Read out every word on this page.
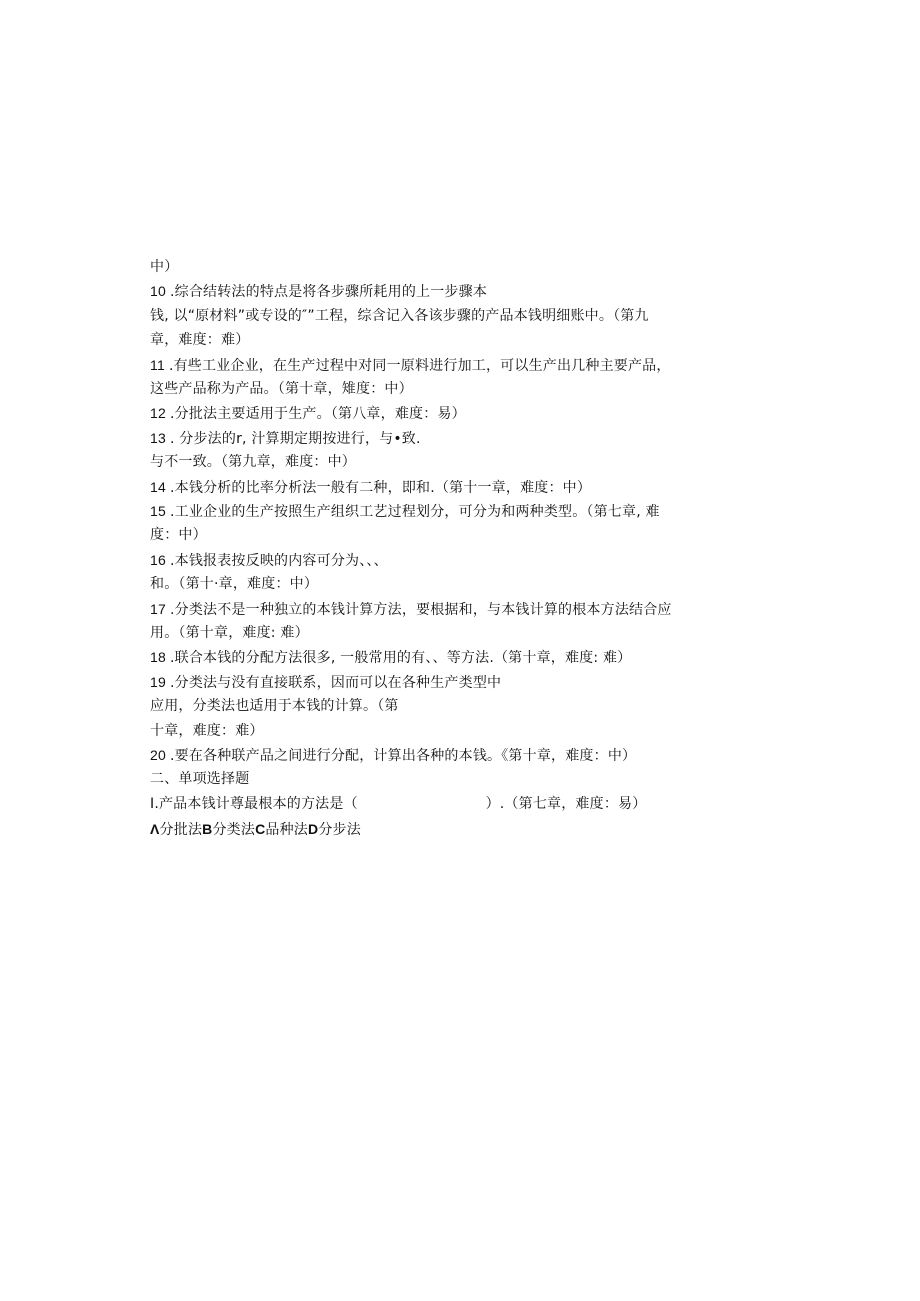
中）
10 .综合结转法的特点是将各步骤所耗用的上一步骤本
钱, 以“原材料”或专设的″”工程，综含记入各该步骤的产品本钱明细账中。（第九
章，难度：难）
11 .有些工业企业，在生产过程中对同一原料进行加工，可以生产出几种主要产品，
这些产品称为产品。（第十章，雉度：中）
12 .分批法主要适用于生产。（第八章，难度：易）
13 . 分步法的r, 汁算期定期按进行，与•致.
与不一致。（第九章，难度：中）
14 .本钱分析的比率分析法一般有二种，即和.（第十一章，难度：中）
15 .工业企业的生产按照生产组织工艺过程划分，可分为和两种类型。（第七章, 难
度：中）
16 .本钱报表按反映的内容可分为、、、
和。（第十·章，难度：中）
17 .分类法不是一种独立的本钱计算方法，要根据和，与本钱计算的根本方法结合应
用。（第十章，难度: 难）
18 .联合本钱的分配方法很多, 一般常用的有、、等方法.（第十章，难度: 难）
19 .分类法与没有直接联系，因而可以在各种生产类型中
应用，分类法也适用于本钱的计算。（第
十章，难度：难）
20 .要在各种联产品之间进行分配，计算出各种的本钱。《第十章，难度：中）
二、单项选择题
I.产品本钱计尊最根本的方法是（　　　　　　　　　）.（第七章，难度：易）
Λ分批法B分类法C品种法D分步法
